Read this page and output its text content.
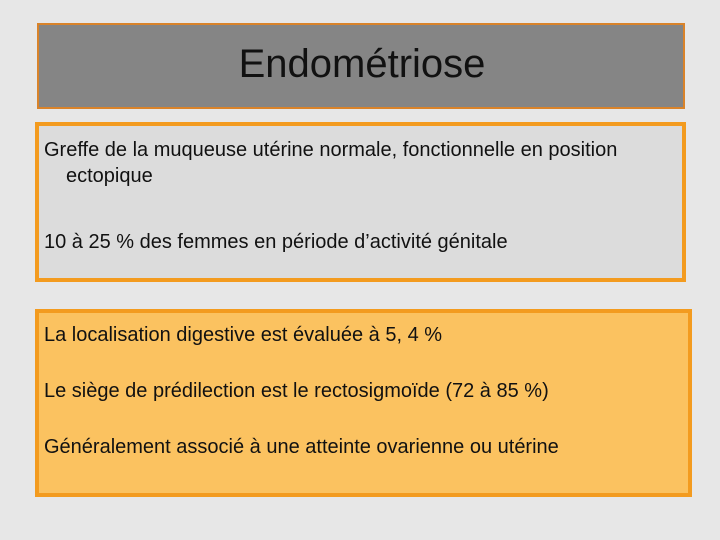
Endométriose

Greffe de la muqueuse utérine normale, fonctionnelle en position ectopique

10 à 25 % des femmes en période d’activité génitale

La localisation digestive est évaluée à 5, 4 %

Le siège de prédilection est le rectosigmoïde (72 à 85 %)

Généralement associé à une atteinte ovarienne ou utérine
